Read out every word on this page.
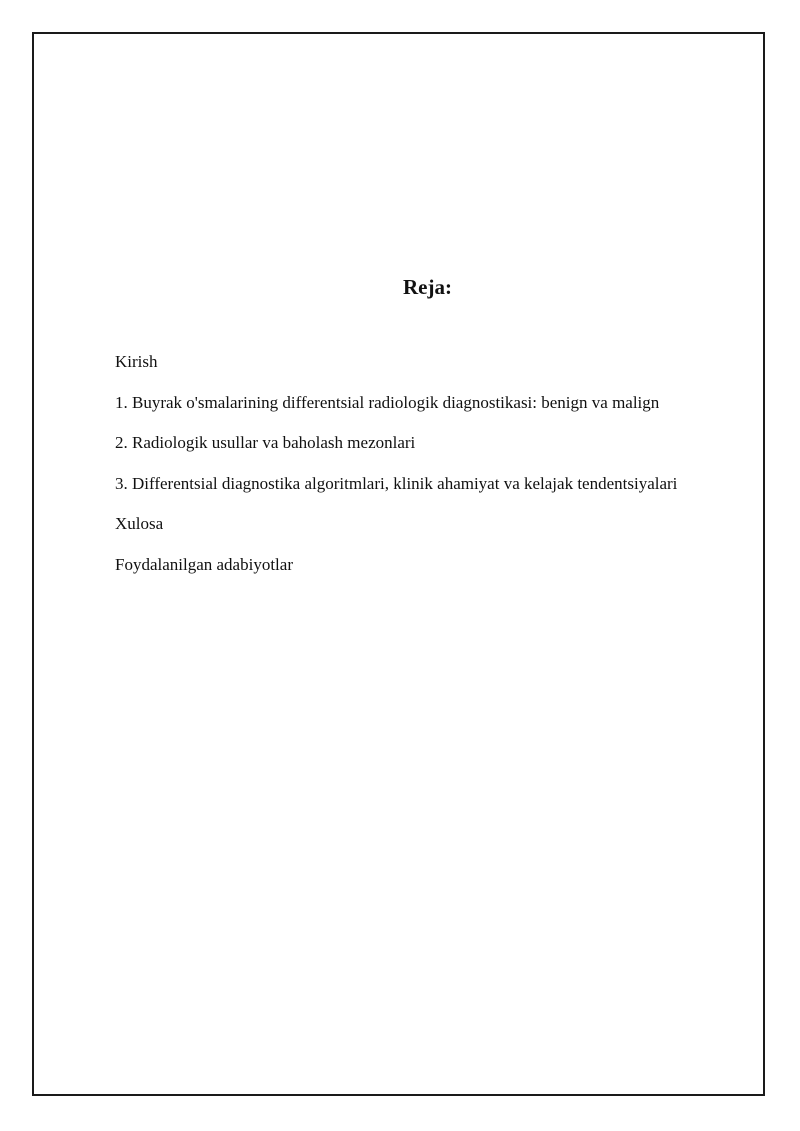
Reja:
Kirish
1. Buyrak o'smalarining differentsial radiologik diagnostikasi: benign va malign
2. Radiologik usullar va baholash mezonlari
3. Differentsial diagnostika algoritmlari, klinik ahamiyat va kelajak tendentsiyalari
Xulosa
Foydalanilgan adabiyotlar
